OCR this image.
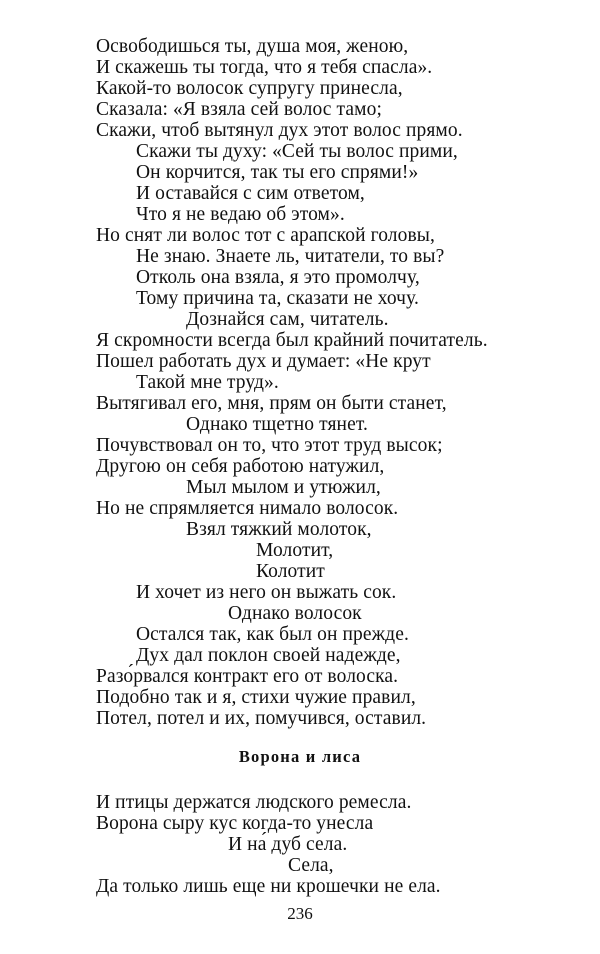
Освободишься ты, душа моя, женою,
И скажешь ты тогда, что я тебя спасла».
Какой-то волосок супругу принесла,
Сказала: «Я взяла сей волос тамо;
Скажи, чтоб вытянул дух этот волос прямо.
Скажи ты духу: «Сей ты волос прими,
Он корчится, так ты его спрями!»
И оставайся с сим ответом,
Что я не ведаю об этом».
Но снят ли волос тот с арапской головы,
Не знаю. Знаете ль, читатели, то вы?
Отколь она взяла, я это промолчу,
Тому причина та, сказати не хочу.
Дознайся сам, читатель.
Я скромности всегда был крайний почитатель.
Пошел работать дух и думает: «Не крут
Такой мне труд».
Вытягивал его, мня, прям он быти станет,
Однако тщетно тянет.
Почувствовал он то, что этот труд высок;
Другою он себя работою натужил,
Мыл мылом и утюжил,
Но не спрямляется нимало волосок.
Взял тяжкий молоток,
Молотит,
Колотит
И хочет из него он выжать сок.
Однако волосок
Остался так, как был он прежде.
Дух дал поклон своей надежде,
Разо́рвался контракт его от волоска.
Подобно так и я, стихи чужие правил,
Потел, потел и их, помучився, оставил.
Ворона и лиса
И птицы держатся людского ремесла.
Ворона сыру кус когда-то унесла
И на́ дуб села.
Села,
Да только лишь еще ни крошечки не ела.
236
